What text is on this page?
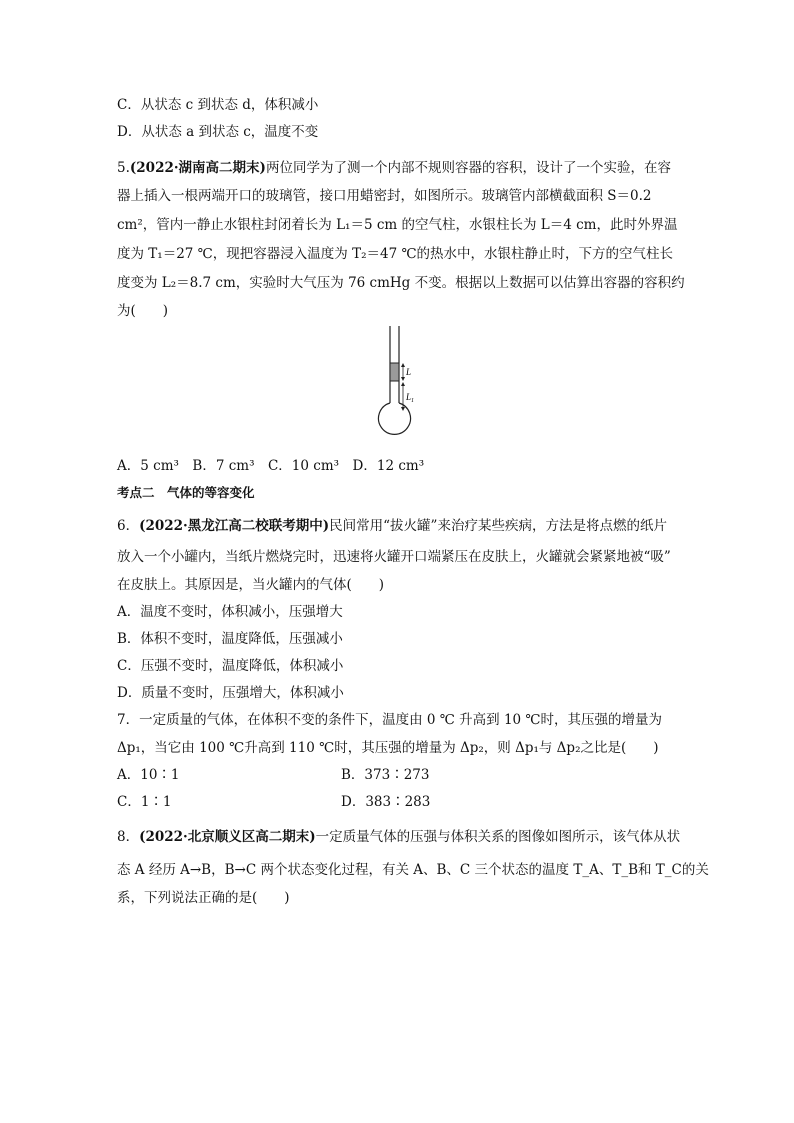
C．从状态 c 到状态 d，体积减小
D．从状态 a 到状态 c，温度不变
5.(2022·湖南高二期末)两位同学为了测一个内部不规则容器的容积，设计了一个实验，在容
器上插入一根两端开口的玻璃管，接口用蜡密封，如图所示。玻璃管内部横截面积 S＝0.2
cm²，管内一静止水银柱封闭着长为 L₁＝5 cm 的空气柱，水银柱长为 L＝4 cm，此时外界温
度为 T₁＝27 ℃，现把容器浸入温度为 T₂＝47 ℃的热水中，水银柱静止时，下方的空气柱长
度变为 L₂＝8.7 cm，实验时大气压为 76 cmHg 不变。根据以上数据可以估算出容器的容积约
为(　　)
L
$L_1$
A．5 cm³　B．7 cm³　C．10 cm³　D．12 cm³
考点二　气体的等容变化
6．(2022·黑龙江高二校联考期中)民间常用“拔火罐”来治疗某些疾病，方法是将点燃的纸片
放入一个小罐内，当纸片燃烧完时，迅速将火罐开口端紧压在皮肤上，火罐就会紧紧地被“吸”
在皮肤上。其原因是，当火罐内的气体(　　)
A．温度不变时，体积减小，压强增大
B．体积不变时，温度降低，压强减小
C．压强不变时，温度降低，体积减小
D．质量不变时，压强增大，体积减小
7．一定质量的气体，在体积不变的条件下，温度由 0 ℃ 升高到 10 ℃时，其压强的增量为
Δp₁，当它由 100 ℃升高到 110 ℃时，其压强的增量为 Δp₂，则 Δp₁与 Δp₂之比是(　　)
A．10∶1	B．373∶273
C．1∶1	D．383∶283
8．(2022·北京顺义区高二期末)一定质量气体的压强与体积关系的图像如图所示，该气体从状
态 A 经历 A→B，B→C 两个状态变化过程，有关 A、B、C 三个状态的温度 T_A、T_B和 T_C的关
系，下列说法正确的是(　　)
